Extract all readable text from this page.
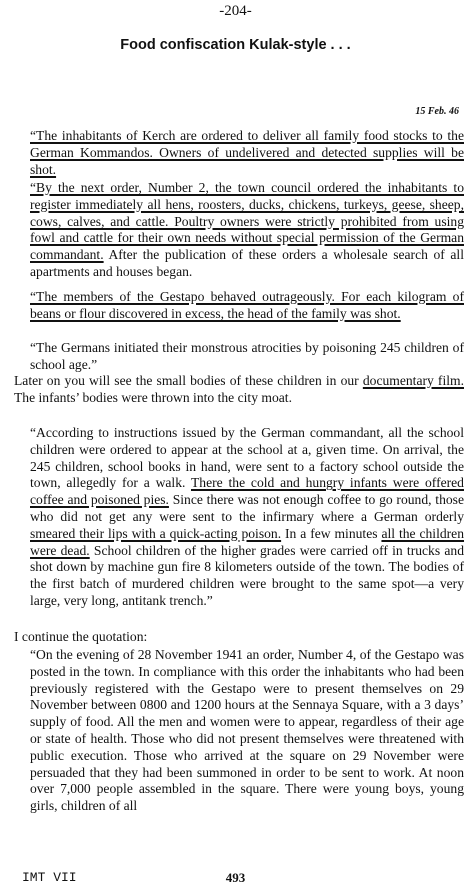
-204-
Food confiscation Kulak-style . . .
15 Feb. 46

“The inhabitants of Kerch are ordered to deliver all family food stocks to the German Kommandos. Owners of undelivered and detected supplies will be shot.

“By the next order, Number 2, the town council ordered the inhabitants to register immediately all hens, roosters, ducks, chickens, turkeys, geese, sheep, cows, calves, and cattle. Poultry owners were strictly prohibited from using fowl and cattle for their own needs without special permission of the German commandant. After the publication of these orders a wholesale search of all apartments and houses began.

“The members of the Gestapo behaved outrageously. For each kilogram of beans or flour discovered in excess, the head of the family was shot.

“The Germans initiated their monstrous atrocities by poisoning 245 children of school age.”

Later on you will see the small bodies of these children in our documentary film. The infants’ bodies were thrown into the city moat.

“According to instructions issued by the German commandant, all the school children were ordered to appear at the school at a, given time. On arrival, the 245 children, school books in hand, were sent to a factory school outside the town, allegedly for a walk. There the cold and hungry infants were offered coffee and poisoned pies. Since there was not enough coffee to go round, those who did not get any were sent to the infirmary where a German orderly smeared their lips with a quick-acting poison. In a few minutes all the children were dead. School children of the higher grades were carried off in trucks and shot down by machine gun fire 8 kilometers outside of the town. The bodies of the first batch of murdered children were brought to the same spot—a very large, very long, antitank trench.”

I continue the quotation:

“On the evening of 28 November 1941 an order, Number 4, of the Gestapo was posted in the town. In compliance with this order the inhabitants who had been previously registered with the Gestapo were to present themselves on 29 November between 0800 and 1200 hours at the Sennaya Square, with a 3 days’ supply of food. All the men and women were to appear, regardless of their age or state of health. Those who did not present themselves were threatened with public execution. Those who arrived at the square on 29 November were persuaded that they had been summoned in order to be sent to work. At noon over 7,000 people assembled in the square. There were young boys, young girls, children of all

IMT VII	493
